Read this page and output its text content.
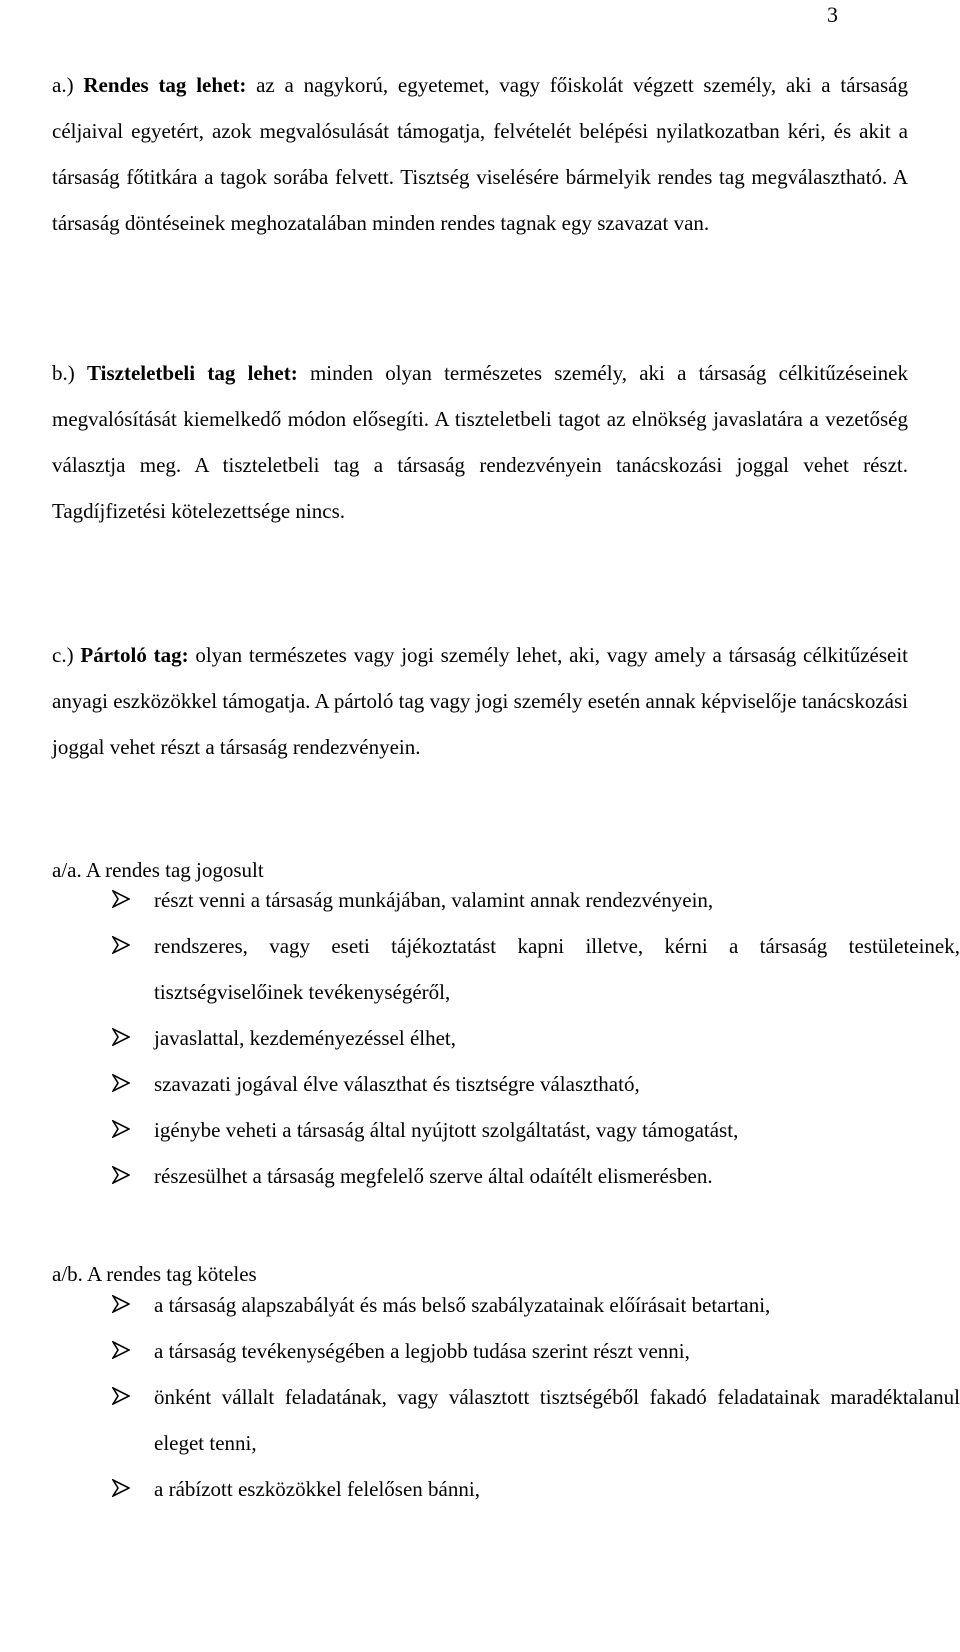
3

a.) Rendes tag lehet: az a nagykorú, egyetemet, vagy főiskolát végzett személy, aki a társaság céljaival egyetért, azok megvalósulását támogatja, felvételét belépési nyilatkozatban kéri, és akit a társaság főtitkára a tagok sorába felvett. Tisztség viselésére bármelyik rendes tag megválasztható. A társaság döntéseinek meghozatalában minden rendes tagnak egy szavazat van.

b.) Tiszteletbeli tag lehet: minden olyan természetes személy, aki a társaság célkitűzéseinek megvalósítását kiemelkedő módon elősegíti. A tiszteletbeli tagot az elnökség javaslatára a vezetőség választja meg. A tiszteletbeli tag a társaság rendezvényein tanácskozási joggal vehet részt. Tagdíjfizetési kötelezettsége nincs.

c.) Pártoló tag: olyan természetes vagy jogi személy lehet, aki, vagy amely a társaság célkitűzéseit anyagi eszközökkel támogatja. A pártoló tag vagy jogi személy esetén annak képviselője tanácskozási joggal vehet részt a társaság rendezvényein.

a/a. A rendes tag jogosult
részt venni a társaság munkájában, valamint annak rendezvényein,
rendszeres, vagy eseti tájékoztatást kapni illetve, kérni a társaság testületeinek, tisztségviselőinek tevékenységéről,
javaslattal, kezdeményezéssel élhet,
szavazati jogával élve választhat és tisztségre választható,
igénybe veheti a társaság által nyújtott szolgáltatást, vagy támogatást,
részesülhet a társaság megfelelő szerve által odaítélt elismerésben.
a/b. A rendes tag köteles
a társaság alapszabályát és más belső szabályzatainak előírásait betartani,
a társaság tevékenységében a legjobb tudása szerint részt venni,
önként vállalt feladatának, vagy választott tisztségéből fakadó feladatainak maradéktalanul eleget tenni,
a rábízott eszközökkel felelősen bánni,
